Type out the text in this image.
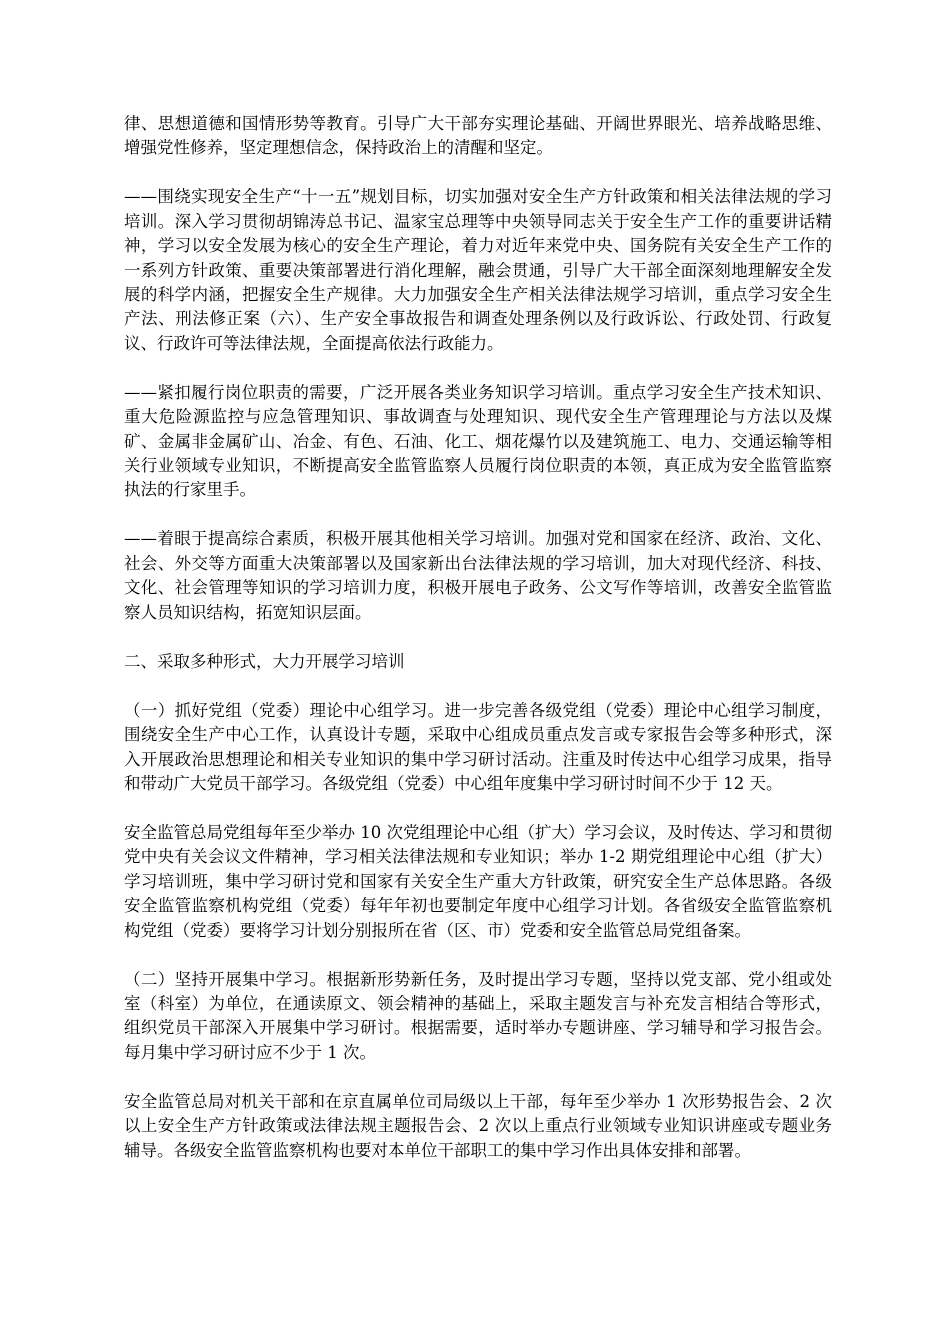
律、思想道德和国情形势等教育。引导广大干部夯实理论基础、开阔世界眼光、培养战略思维、增强党性修养，坚定理想信念，保持政治上的清醒和坚定。

——围绕实现安全生产“十一五”规划目标，切实加强对安全生产方针政策和相关法律法规的学习培训。深入学习贯彻胡锦涛总书记、温家宝总理等中央领导同志关于安全生产工作的重要讲话精神，学习以安全发展为核心的安全生产理论，着力对近年来党中央、国务院有关安全生产工作的一系列方针政策、重要决策部署进行消化理解，融会贯通，引导广大干部全面深刻地理解安全发展的科学内涵，把握安全生产规律。大力加强安全生产相关法律法规学习培训，重点学习安全生产法、刑法修正案（六）、生产安全事故报告和调查处理条例以及行政诉讼、行政处罚、行政复议、行政许可等法律法规，全面提高依法行政能力。

——紧扣履行岗位职责的需要，广泛开展各类业务知识学习培训。重点学习安全生产技术知识、重大危险源监控与应急管理知识、事故调查与处理知识、现代安全生产管理理论与方法以及煤矿、金属非金属矿山、冶金、有色、石油、化工、烟花爆竹以及建筑施工、电力、交通运输等相关行业领域专业知识，不断提高安全监管监察人员履行岗位职责的本领，真正成为安全监管监察执法的行家里手。

——着眼于提高综合素质，积极开展其他相关学习培训。加强对党和国家在经济、政治、文化、社会、外交等方面重大决策部署以及国家新出台法律法规的学习培训，加大对现代经济、科技、文化、社会管理等知识的学习培训力度，积极开展电子政务、公文写作等培训，改善安全监管监察人员知识结构，拓宽知识层面。

二、采取多种形式，大力开展学习培训

（一）抓好党组（党委）理论中心组学习。进一步完善各级党组（党委）理论中心组学习制度，围绕安全生产中心工作，认真设计专题，采取中心组成员重点发言或专家报告会等多种形式，深入开展政治思想理论和相关专业知识的集中学习研讨活动。注重及时传达中心组学习成果，指导和带动广大党员干部学习。各级党组（党委）中心组年度集中学习研讨时间不少于 12 天。

安全监管总局党组每年至少举办 10 次党组理论中心组（扩大）学习会议，及时传达、学习和贯彻党中央有关会议文件精神，学习相关法律法规和专业知识；举办 1-2 期党组理论中心组（扩大）学习培训班，集中学习研讨党和国家有关安全生产重大方针政策，研究安全生产总体思路。各级安全监管监察机构党组（党委）每年年初也要制定年度中心组学习计划。各省级安全监管监察机构党组（党委）要将学习计划分别报所在省（区、市）党委和安全监管总局党组备案。

（二）坚持开展集中学习。根据新形势新任务，及时提出学习专题，坚持以党支部、党小组或处室（科室）为单位，在通读原文、领会精神的基础上，采取主题发言与补充发言相结合等形式，组织党员干部深入开展集中学习研讨。根据需要，适时举办专题讲座、学习辅导和学习报告会。每月集中学习研讨应不少于 1 次。

安全监管总局对机关干部和在京直属单位司局级以上干部，每年至少举办 1 次形势报告会、2 次以上安全生产方针政策或法律法规主题报告会、2 次以上重点行业领域专业知识讲座或专题业务辅导。各级安全监管监察机构也要对本单位干部职工的集中学习作出具体安排和部署。
